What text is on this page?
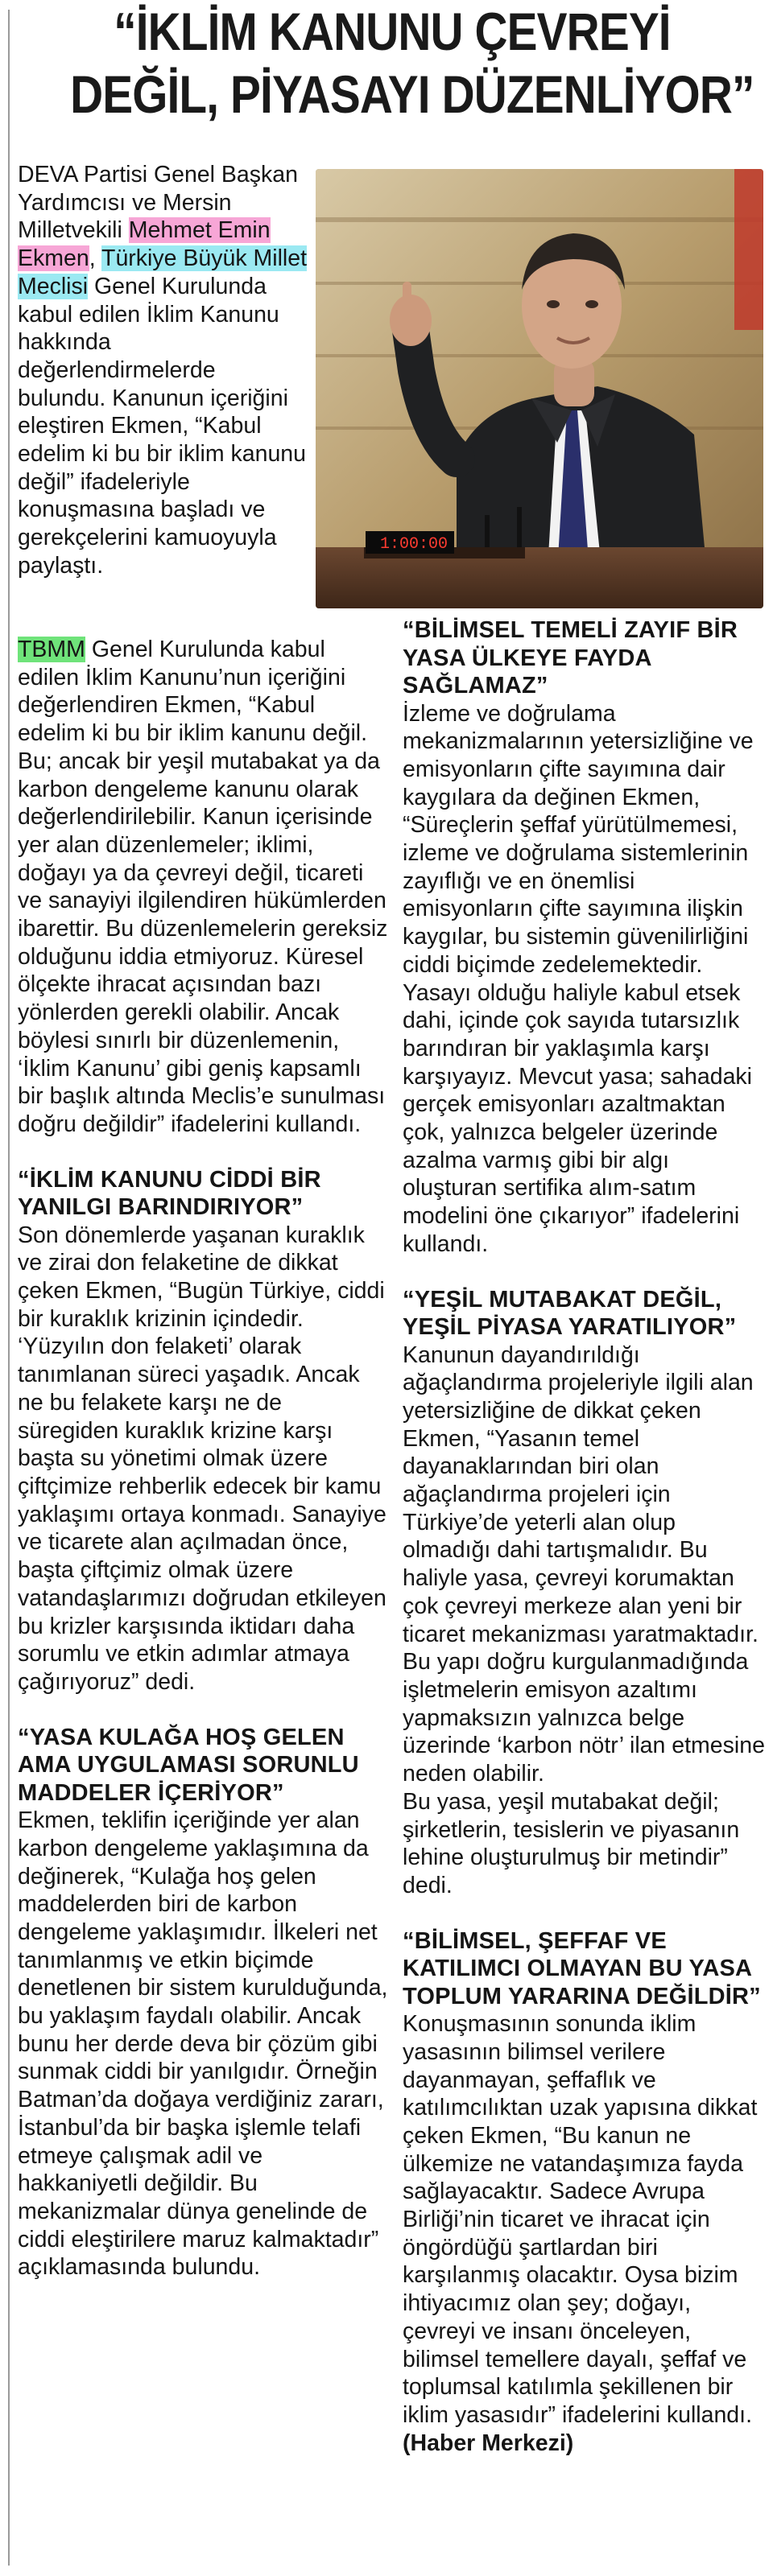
“İKLİM KANUNU ÇEVREYİ
DEĞİL, PİYASAYI DÜZENLİYOR”

DEVA Partisi Genel Başkan Yardımcısı ve Mersin Milletvekili Mehmet Emin Ekmen, Türkiye Büyük Millet Meclisi Genel Kurulunda kabul edilen İklim Kanunu hakkında değerlendirmelerde bulundu. Kanunun içeriğini eleştiren Ekmen, “Kabul edelim ki bu bir iklim kanunu değil” ifadeleriyle konuşmasına başladı ve gerekçelerini kamuoyuyla paylaştı.

1:00:00

TBMM Genel Kurulunda kabul edilen İklim Kanunu’nun içeriğini değerlendiren Ekmen, “Kabul edelim ki bu bir iklim kanunu değil. Bu; ancak bir yeşil mutabakat ya da karbon dengeleme kanunu olarak değerlendirilebilir. Kanun içerisinde yer alan düzenlemeler; iklimi, doğayı ya da çevreyi değil, ticareti ve sanayiyi ilgilendiren hükümlerden ibarettir. Bu düzenlemelerin gereksiz olduğunu iddia etmiyoruz. Küresel ölçekte ihracat açısından bazı yönlerden gerekli olabilir. Ancak böylesi sınırlı bir düzenlemenin, ‘İklim Kanunu’ gibi geniş kapsamlı bir başlık altında Meclis’e sunulması doğru değildir” ifadelerini kullandı.

“İKLİM KANUNU CİDDİ BİR YANILGI BARINDIRIYOR”

Son dönemlerde yaşanan kuraklık ve zirai don felaketine de dikkat çeken Ekmen, “Bugün Türkiye, ciddi bir kuraklık krizinin içindedir. ‘Yüzyılın don felaketi’ olarak tanımlanan süreci yaşadık. Ancak ne bu felakete karşı ne de süregiden kuraklık krizine karşı başta su yönetimi olmak üzere çiftçimize rehberlik edecek bir kamu yaklaşımı ortaya konmadı. Sanayiye ve ticarete alan açılmadan önce, başta çiftçimiz olmak üzere vatandaşlarımızı doğrudan etkileyen bu krizler karşısında iktidarı daha sorumlu ve etkin adımlar atmaya çağırıyoruz” dedi.

“YASA KULAĞA HOŞ GELEN AMA UYGULAMASI SORUNLU MADDELER İÇERİYOR”

Ekmen, teklifin içeriğinde yer alan karbon dengeleme yaklaşımına da değinerek, “Kulağa hoş gelen maddelerden biri de karbon dengeleme yaklaşımıdır. İlkeleri net tanımlanmış ve etkin biçimde denetlenen bir sistem kurulduğunda, bu yaklaşım faydalı olabilir. Ancak bunu her derde deva bir çözüm gibi sunmak ciddi bir yanılgıdır. Örneğin Batman’da doğaya verdiğiniz zararı, İstanbul’da bir başka işlemle telafi etmeye çalışmak adil ve hakkaniyetli değildir. Bu mekanizmalar dünya genelinde de ciddi eleştirilere maruz kalmaktadır” açıklamasında bulundu.

“BİLİMSEL TEMELİ ZAYIF BİR YASA ÜLKEYE FAYDA SAĞLAMAZ”

İzleme ve doğrulama mekanizmalarının yetersizliğine ve emisyonların çifte sayımına dair kaygılara da değinen Ekmen, “Süreçlerin şeffaf yürütülmemesi, izleme ve doğrulama sistemlerinin zayıflığı ve en önemlisi emisyonların çifte sayımına ilişkin kaygılar, bu sistemin güvenilirliğini ciddi biçimde zedelemektedir. Yasayı olduğu haliyle kabul etsek dahi, içinde çok sayıda tutarsızlık barındıran bir yaklaşımla karşı karşıyayız. Mevcut yasa; sahadaki gerçek emisyonları azaltmaktan çok, yalnızca belgeler üzerinde azalma varmış gibi bir algı oluşturan sertifika alım-satım modelini öne çıkarıyor” ifadelerini kullandı.

“YEŞİL MUTABAKAT DEĞİL, YEŞİL PİYASA YARATILIYOR”

Kanunun dayandırıldığı ağaçlandırma projeleriyle ilgili alan yetersizliğine de dikkat çeken Ekmen, “Yasanın temel dayanaklarından biri olan ağaçlandırma projeleri için Türkiye’de yeterli alan olup olmadığı dahi tartışmalıdır. Bu haliyle yasa, çevreyi korumaktan çok çevreyi merkeze alan yeni bir ticaret mekanizması yaratmaktadır. Bu yapı doğru kurgulanmadığında işletmelerin emisyon azaltımı yapmaksızın yalnızca belge üzerinde ‘karbon nötr’ ilan etmesine neden olabilir.

Bu yasa, yeşil mutabakat değil; şirketlerin, tesislerin ve piyasanın lehine oluşturulmuş bir metindir” dedi.

“BİLİMSEL, ŞEFFAF VE KATILIMCI OLMAYAN BU YASA TOPLUM YARARINA DEĞİLDİR”

Konuşmasının sonunda iklim yasasının bilimsel verilere dayanmayan, şeffaflık ve katılımcılıktan uzak yapısına dikkat çeken Ekmen, “Bu kanun ne ülkemize ne vatandaşımıza fayda sağlayacaktır. Sadece Avrupa Birliği’nin ticaret ve ihracat için öngördüğü şartlardan biri karşılanmış olacaktır. Oysa bizim ihtiyacımız olan şey; doğayı, çevreyi ve insanı önceleyen, bilimsel temellere dayalı, şeffaf ve toplumsal katılımla şekillenen bir iklim yasasıdır” ifadelerini kullandı. (Haber Merkezi)
